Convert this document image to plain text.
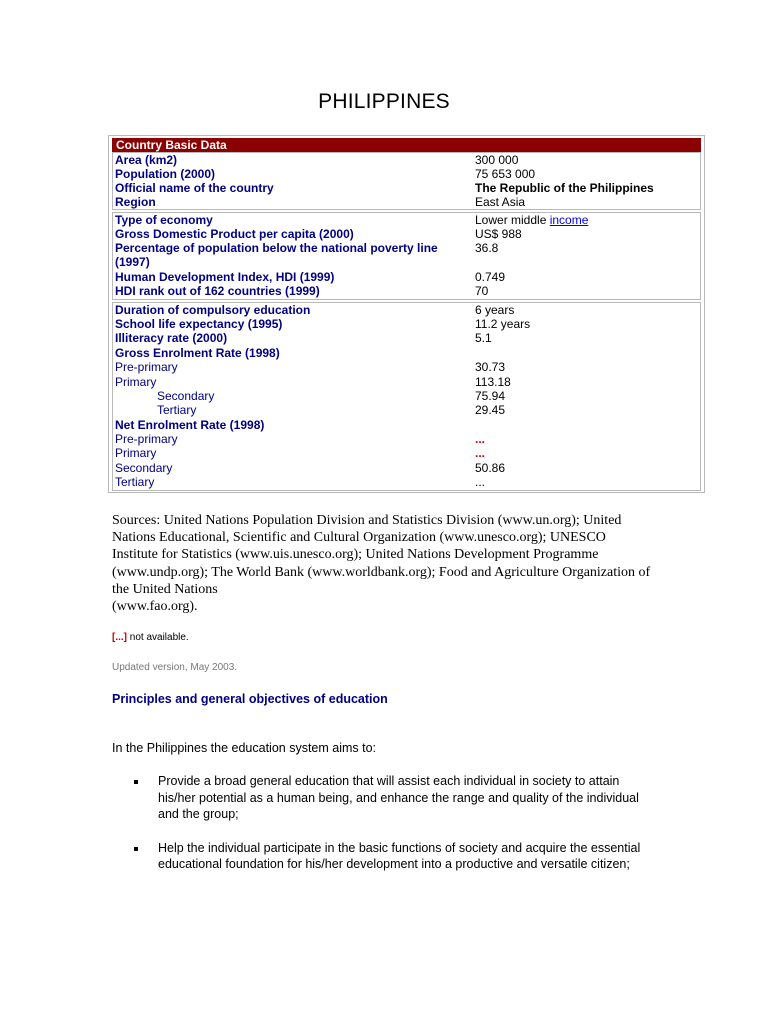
PHILIPPINES
Country Basic Data
Area (km2)	300 000
Population (2000)	75 653 000
Official name of the country	The Republic of the Philippines
Region	East Asia
Type of economy	Lower middle income
Gross Domestic Product per capita (2000)	US$ 988
Percentage of population below the national poverty line	36.8
(1997)
Human Development Index, HDI (1999)	0.749
HDI rank out of 162 countries (1999)	70
Duration of compulsory education	6 years
School life expectancy (1995)	11.2 years
Illiteracy rate (2000)	5.1
Gross Enrolment Rate (1998)
Pre-primary	30.73
Primary	113.18
Secondary	75.94
Tertiary	29.45
Net Enrolment Rate (1998)
Pre-primary	...
Primary	...
Secondary	50.86
Tertiary	...
Sources: United Nations Population Division and Statistics Division (www.un.org); United Nations Educational, Scientific and Cultural Organization (www.unesco.org); UNESCO Institute for Statistics (www.uis.unesco.org); United Nations Development Programme (www.undp.org); The World Bank (www.worldbank.org); Food and Agriculture Organization of the United Nations
(www.fao.org).
[...] not available.
Updated version, May 2003.
Principles and general objectives of education
In the Philippines the education system aims to:
Provide a broad general education that will assist each individual in society to attain his/her potential as a human being, and enhance the range and quality of the individual and the group;
Help the individual participate in the basic functions of society and acquire the essential educational foundation for his/her development into a productive and versatile citizen;
